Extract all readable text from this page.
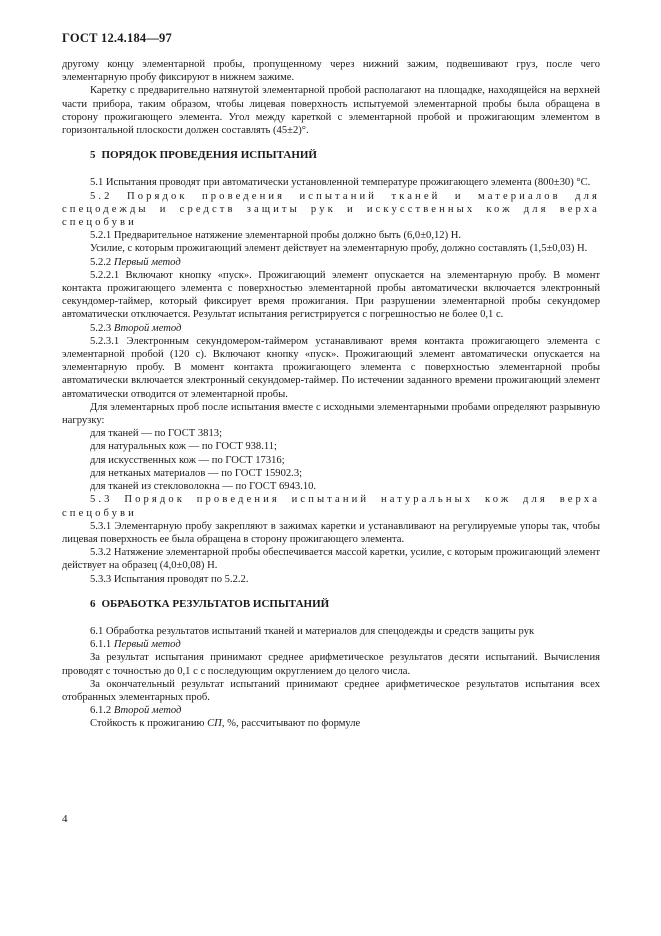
ГОСТ 12.4.184—97

другому концу элементарной пробы, пропущенному через нижний зажим, подвешивают груз, после чего элементарную пробу фиксируют в нижнем зажиме.

Каретку с предварительно натянутой элементарной пробой располагают на площадке, находящейся на верхней части прибора, таким образом, чтобы лицевая поверхность испытуемой элементарной пробы была обращена в сторону прожигающего элемента. Угол между кареткой с элементарной пробой и прожигающим элементом в горизонтальной плоскости должен составлять (45±2)°.

5 ПОРЯДОК ПРОВЕДЕНИЯ ИСПЫТАНИЙ

5.1 Испытания проводят при автоматически установленной температуре прожигающего элемента (800±30) °С.

5.2 Порядок проведения испытаний тканей и материалов для спецодежды и средств защиты рук и искусственных кож для верха спецобуви

5.2.1 Предварительное натяжение элементарной пробы должно быть (6,0±0,12) Н.

Усилие, с которым прожигающий элемент действует на элементарную пробу, должно составлять (1,5±0,03) Н.

5.2.2 Первый метод

5.2.2.1 Включают кнопку «пуск». Прожигающий элемент опускается на элементарную пробу. В момент контакта прожигающего элемента с поверхностью элементарной пробы автоматически включается электронный секундомер-таймер, который фиксирует время прожигания. При разрушении элементарной пробы секундомер автоматически отключается. Результат испытания регистрируется с погрешностью не более 0,1 с.

5.2.3 Второй метод

5.2.3.1 Электронным секундомером-таймером устанавливают время контакта прожигающего элемента с элементарной пробой (120 с). Включают кнопку «пуск». Прожигающий элемент автоматически опускается на элементарную пробу. В момент контакта прожигающего элемента с поверхностью элементарной пробы автоматически включается электронный секундомер-таймер. По истечении заданного времени прожигающий элемент автоматически отводится от элементарной пробы.

Для элементарных проб после испытания вместе с исходными элементарными пробами определяют разрывную нагрузку:

для тканей — по ГОСТ 3813;

для натуральных кож — по ГОСТ 938.11;

для искусственных кож — по ГОСТ 17316;

для нетканых материалов — по ГОСТ 15902.3;

для тканей из стекловолокна — по ГОСТ 6943.10.

5.3 Порядок проведения испытаний натуральных кож для верха спецобуви

5.3.1 Элементарную пробу закрепляют в зажимах каретки и устанавливают на регулируемые упоры так, чтобы лицевая поверхность ее была обращена в сторону прожигающего элемента.

5.3.2 Натяжение элементарной пробы обеспечивается массой каретки, усилие, с которым прожигающий элемент действует на образец (4,0±0,08) Н.

5.3.3 Испытания проводят по 5.2.2.

6 ОБРАБОТКА РЕЗУЛЬТАТОВ ИСПЫТАНИЙ

6.1 Обработка результатов испытаний тканей и материалов для спецодежды и средств защиты рук

6.1.1 Первый метод

За результат испытания принимают среднее арифметическое результатов десяти испытаний. Вычисления проводят с точностью до 0,1 с с последующим округлением до целого числа.

За окончательный результат испытаний принимают среднее арифметическое результатов испытания всех отобранных элементарных проб.

6.1.2 Второй метод

Стойкость к прожиганию СП, %, рассчитывают по формуле

4
